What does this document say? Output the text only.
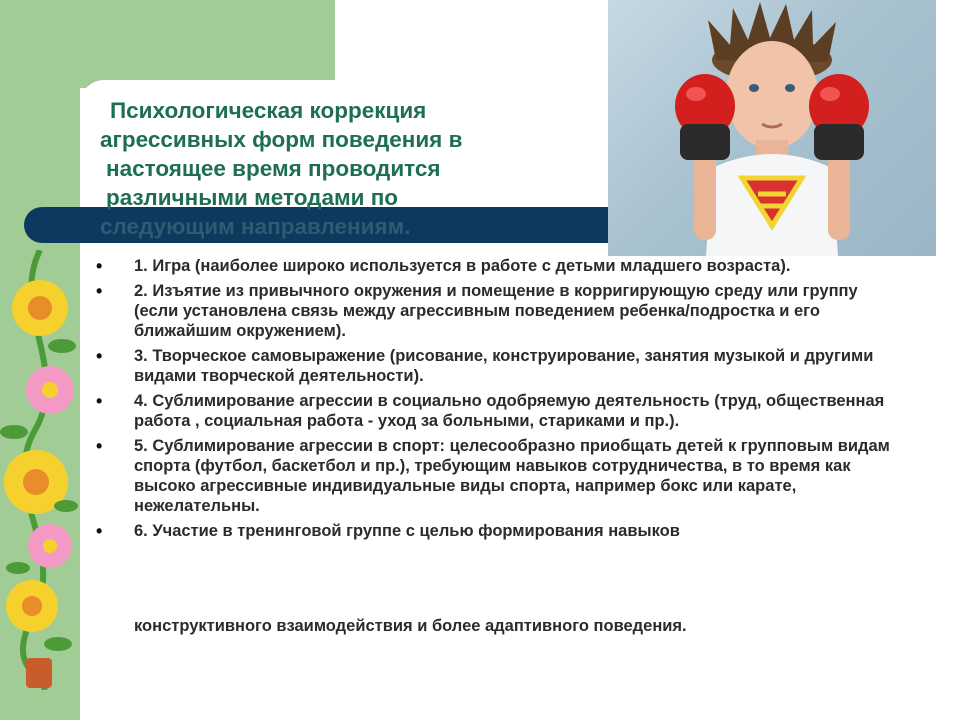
Психологическая коррекция
агрессивных форм поведения в
настоящее время проводится
различными методами по
следующим направлениям.

• 1. Игра (наиболее широко используется в работе с детьми младшего возраста).
• 2. Изъятие из привычного окружения и помещение в корригирующую среду или группу (если установлена связь между агрессивным поведением ребенка/подростка и его ближайшим окружением).
• 3. Творческое самовыражение (рисование, конструирование, занятия музыкой и другими видами творческой деятельности).
• 4. Сублимирование агрессии в социально одобряемую деятельность (труд, общественная работа , социальная работа - уход за больными, стариками и пр.).
• 5. Сублимирование агрессии в спорт: целесообразно приобщать детей к групповым видам спорта (футбол, баскетбол и пр.), требующим навыков сотрудничества, в то время как высоко агрессивные индивидуальные виды спорта, например бокс или карате, нежелательны.
• 6. Участие в тренинговой группе с целью формирования навыков

конструктивного взаимодействия и более адаптивного поведения.
